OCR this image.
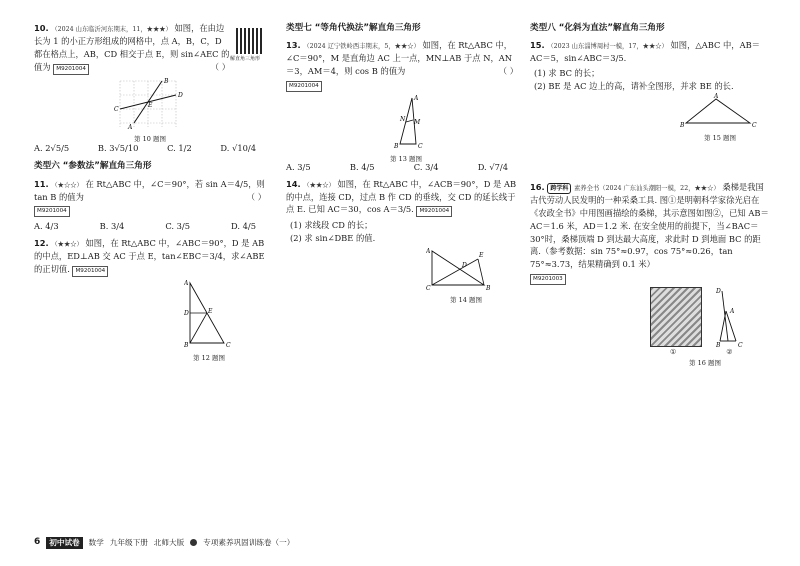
10. （2024 山东临沂河东期末，11，★★★） 如图，在由边长为 1 的小正方形组成的网格中，点 A，B，C，D 都在格点上，AB，CD 相交于点 E，则 sin∠AEC 的值为 M9201004	（ ）
C
D
B
A
E
第 10 题图
A. 2√5/5	B. 3√5/10	C. 1/2	D. √10/4
类型六 “参数法”解直角三角形
11. （★☆☆） 在 Rt△ABC 中，∠C＝90°，若 sin A＝4/5，则 tan B 的值为	（ ）

M9201004
A. 4/3	B. 3/4	C. 3/5	D. 4/5
12. （★★☆） 如图，在 Rt△ABC 中，∠ABC＝90°，D 是 AB 的中点，ED⊥AB 交 AC 于点 E，tan∠EBC＝3/4，求∠ABE 的正切值. M9201004
A
D	E
B	C
第 12 题图
解直角三角形
类型七 “等角代换法”解直角三角形
13. （2024 辽宁铁岭西丰期末，5，★★☆） 如图，在 Rt△ABC 中，∠C＝90°，M 是直角边 AC 上一点，MN⊥AB 于点 N，AN＝3，AM＝4，则 cos B 的值为	（ ）

M9201004
A
N M
B	C
第 13 题图
A. 3/5	B. 4/5	C. 3/4	D. √7/4
14. （★★☆） 如图，在 Rt△ABC 中，∠ACB＝90°，D 是 AB 的中点，连接 CD，过点 B 作 CD 的垂线，交 CD 的延长线于点 E. 已知 AC＝30，cos A＝3/5. M9201004
(1) 求线段 CD 的长；
(2) 求 sin∠DBE 的值.
A
D
E
C	B
第 14 题图
类型八 “化斜为直法”解直角三角形
15. （2023 山东淄博周村一模，17，★★☆） 如图，△ABC 中，AB＝AC＝5，sin∠ABC＝3/5.
(1) 求 BC 的长；
(2) BE 是 AC 边上的高，请补全图形，并求 BE 的长.
A
B	C
第 15 题图
16. 跨学科 素养全书（2024 广东汕头潮阳一模，22，★★☆） 桑梯是我国古代劳动人民发明的一种采桑工具. 图①是明朝科学家徐光启在《农政全书》中用图画描绘的桑梯，其示意图如图②，已知 AB＝AC＝1.6 米，AD＝1.2 米. 在安全使用的前提下，当∠BAC＝30°时，桑梯顶端 D 到达最大高度，求此时 D 到地面 BC 的距离.（参考数据：sin 75°≈0.97，cos 75°≈0.26，tan 75°≈3.73，结果精确到 0.1 米）
M9201003
D
A
B	C
①	②
第 16 题图
6	初中试卷	数学 九年级下册 北师大版	专项素养巩固训练卷（一）
